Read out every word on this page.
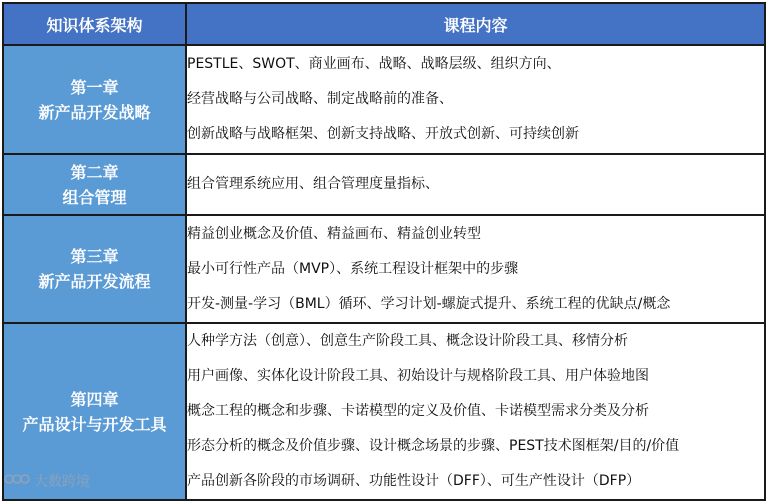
知识体系架构	课程内容
第一章
新产品开发战略	PESTLE、SWOT、商业画布、战略、战略层级、组织方向、
经营战略与公司战略、制定战略前的准备、
创新战略与战略框架、创新支持战略、开放式创新、可持续创新

第二章
组合管理	组合管理系统应用、组合管理度量指标、

第三章
新产品开发流程	精益创业概念及价值、精益画布、精益创业转型
最小可行性产品（MVP）、系统工程设计框架中的步骤
开发-测量-学习（BML）循环、学习计划-螺旋式提升、系统工程的优缺点/概念

第四章
产品设计与开发工具	人种学方法（创意）、创意生产阶段工具、概念设计阶段工具、移情分析
用户画像、实体化设计阶段工具、初始设计与规格阶段工具、用户体验地图
概念工程的概念和步骤、卡诺模型的定义及价值、卡诺模型需求分类及分析
形态分析的概念及价值步骤、设计概念场景的步骤、PEST技术图框架/目的/价值
产品创新各阶段的市场调研、功能性设计（DFF）、可生产性设计（DFP）
大数跨境
